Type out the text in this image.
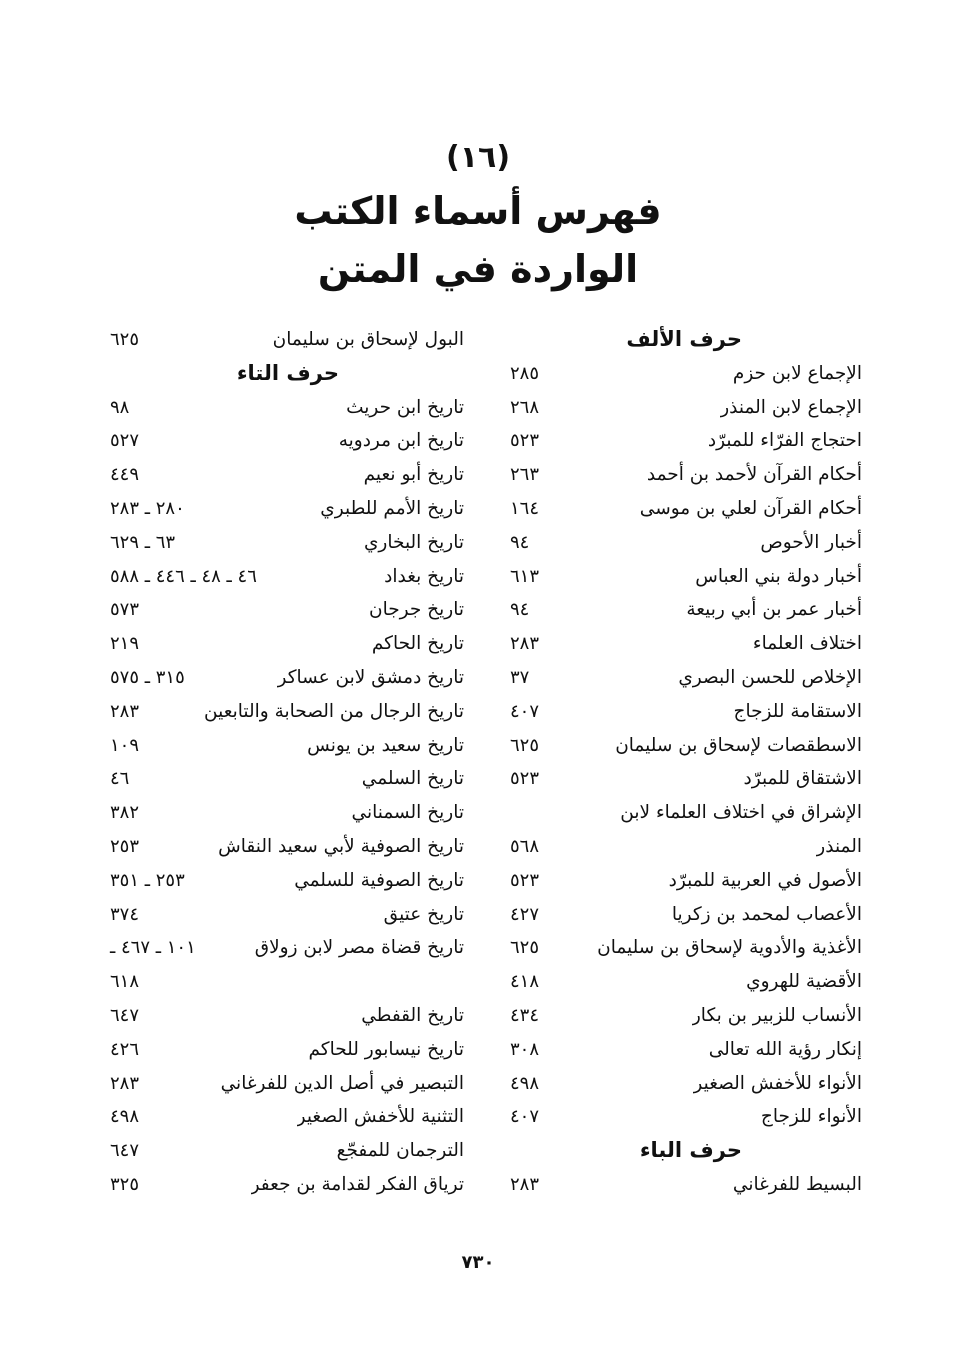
(١٦)
فهرس أسماء الكتب
الواردة في المتن
حرف الألف
الإجماع لابن حزم
٢٨٥
الإجماع لابن المنذر
٢٦٨
احتجاج الفرّاء للمبرّد
٥٢٣
أحكام القرآن لأحمد بن أحمد
٢٦٣
أحكام القرآن لعلي بن موسى
١٦٤
أخبار الأحوص
٩٤
أخبار دولة بني العباس
٦١٣
أخبار عمر بن أبي ربيعة
٩٤
اختلاف العلماء
٢٨٣
الإخلاص للحسن البصري
٣٧
الاستقامة للزجاج
٤٠٧
الاسطقصات لإسحاق بن سليمان
٦٢٥
الاشتقاق للمبرّد
٥٢٣
الإشراق في اختلاف العلماء لابن
المنذر
٥٦٨
الأصول في العربية للمبرّد
٥٢٣
الأعصاب لمحمد بن زكريا
٤٢٧
الأغذية والأدوية لإسحاق بن سليمان
٦٢٥
الأقضية للهروي
٤١٨
الأنساب للزبير بن بكار
٤٣٤
إنكار رؤية الله تعالى
٣٠٨
الأنواء للأخفش الصغير
٤٩٨
الأنواء للزجاج
٤٠٧
حرف الباء
البسيط للفرغاني
٢٨٣
البول لإسحاق بن سليمان
٦٢٥
حرف التاء
تاريخ ابن حريث
٩٨
تاريخ ابن مردويه
٥٢٧
تاريخ أبو نعيم
٤٤٩
تاريخ الأمم للطبري
٢٨٠ ـ ٢٨٣
تاريخ البخاري
٦٣ ـ ٦٢٩
تاريخ بغداد
٤٦ ـ ٤٨ ـ ٤٤٦ ـ ٥٨٨
تاريخ جرجان
٥٧٣
تاريخ الحاكم
٢١٩
تاريخ دمشق لابن عساكر
٣١٥ ـ ٥٧٥
تاريخ الرجال من الصحابة والتابعين
٢٨٣
تاريخ سعيد بن يونس
١٠٩
تاريخ السلمي
٤٦
تاريخ السمناني
٣٨٢
تاريخ الصوفية لأبي سعيد النقاش
٢٥٣
تاريخ الصوفية للسلمي
٢٥٣ ـ ٣٥١
تاريخ عتيق
٣٧٤
تاريخ قضاة مصر لابن زولاق
١٠١ ـ ٤٦٧ ـ
٦١٨
تاريخ القفطي
٦٤٧
تاريخ نيسابور للحاكم
٤٢٦
التبصير في أصل الدين للفرغاني
٢٨٣
التثنية للأخفش الصغير
٤٩٨
الترجمان للمفجّع
٦٤٧
ترياق الفكر لقدامة بن جعفر
٣٢٥
٧٣٠
